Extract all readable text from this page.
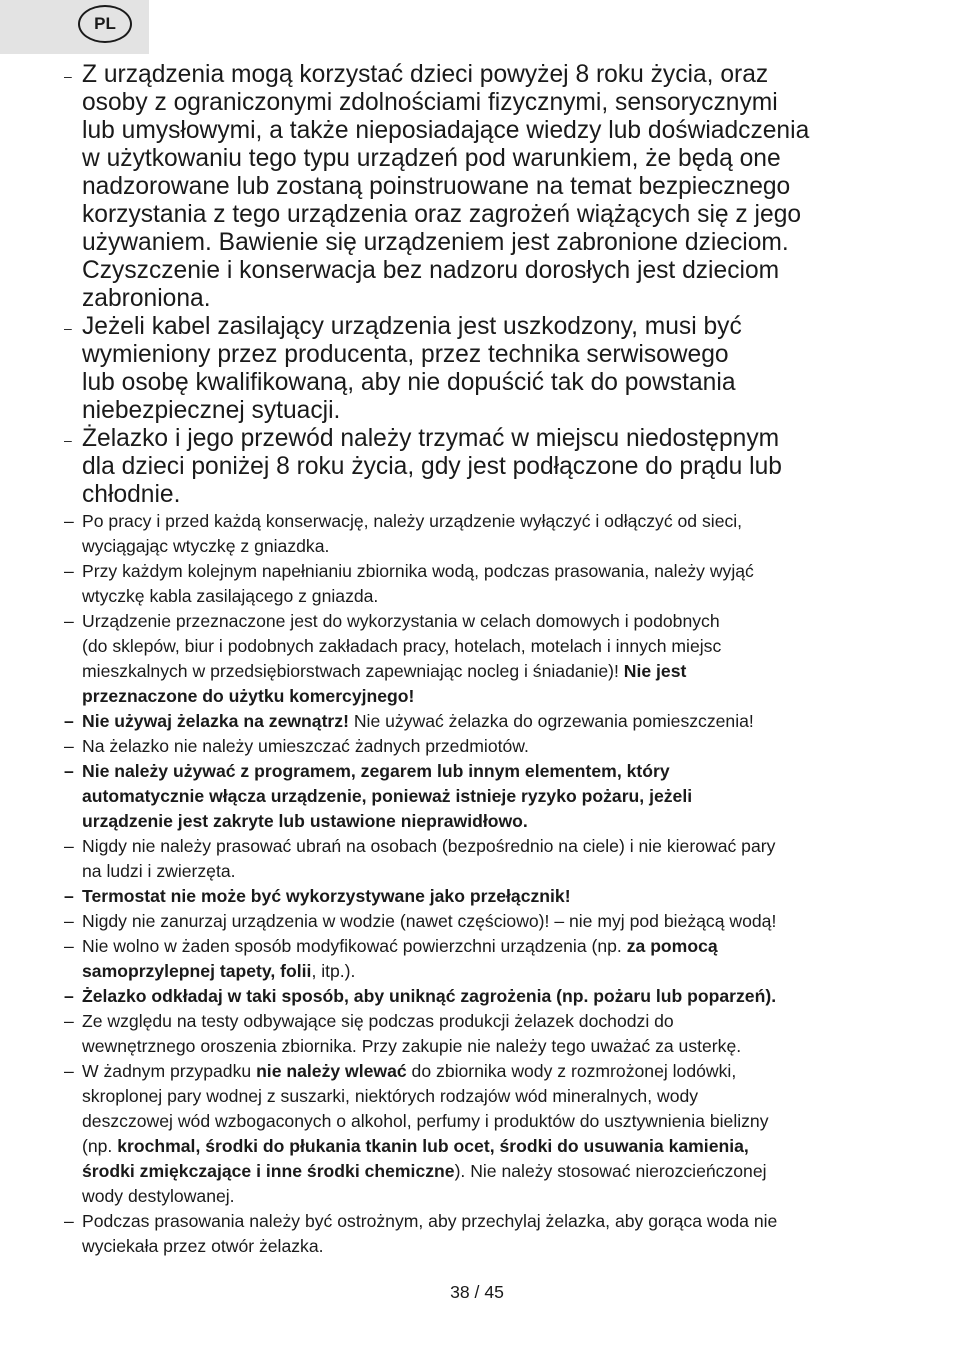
PL
– Z urządzenia mogą korzystać dzieci powyżej 8 roku życia, oraz
osoby z ograniczonymi zdolnościami fizycznymi, sensorycznymi
lub umysłowymi, a także nieposiadające wiedzy lub doświadczenia
w użytkowaniu tego typu urządzeń pod warunkiem, że będą one
nadzorowane lub zostaną poinstruowane na temat bezpiecznego
korzystania z tego urządzenia oraz zagrożeń wiążących się z jego
używaniem. Bawienie się urządzeniem jest zabronione dzieciom.
Czyszczenie i konserwacja bez nadzoru dorosłych jest dzieciom
zabroniona.
– Jeżeli kabel zasilający urządzenia jest uszkodzony, musi być
wymieniony przez producenta, przez technika serwisowego
lub osobę kwalifikowaną, aby nie dopuścić tak do powstania
niebezpiecznej sytuacji.
– Żelazko i jego przewód należy trzymać w miejscu niedostępnym
dla dzieci poniżej 8 roku życia, gdy jest podłączone do prądu lub
chłodnie.
– Po pracy i przed każdą konserwację, należy urządzenie wyłączyć i odłączyć od sieci,
wyciągając wtyczkę z gniazdka.
– Przy każdym kolejnym napełnianiu zbiornika wodą, podczas prasowania, należy wyjąć
wtyczkę kabla zasilającego z gniazda.
– Urządzenie przeznaczone jest do wykorzystania w celach domowych i podobnych
(do sklepów, biur i podobnych zakładach pracy, hotelach, motelach i innych miejsc
mieszkalnych w przedsiębiorstwach zapewniając nocleg i śniadanie)! Nie jest
przeznaczone do użytku komercyjnego!
– Nie używaj żelazka na zewnątrz! Nie używać żelazka do ogrzewania pomieszczenia!
– Na żelazko nie należy umieszczać żadnych przedmiotów.
– Nie należy używać z programem, zegarem lub innym elementem, który
automatycznie włącza urządzenie, ponieważ istnieje ryzyko pożaru, jeżeli
urządzenie jest zakryte lub ustawione nieprawidłowo.
– Nigdy nie należy prasować ubrań na osobach (bezpośrednio na ciele) i nie kierować pary
na ludzi i zwierzęta.
– Termostat nie może być wykorzystywane jako przełącznik!
– Nigdy nie zanurzaj urządzenia w wodzie (nawet częściowo)! – nie myj pod bieżącą wodą!
– Nie wolno w żaden sposób modyfikować powierzchni urządzenia (np. za pomocą
samoprzylepnej tapety, folii, itp.).
– Żelazko odkładaj w taki sposób, aby uniknąć zagrożenia (np. pożaru lub poparzeń).
– Ze względu na testy odbywające się podczas produkcji żelazek dochodzi do
wewnętrznego oroszenia zbiornika. Przy zakupie nie należy tego uważać za usterkę.
– W żadnym przypadku nie należy wlewać do zbiornika wody z rozmrożonej lodówki,
skroplonej pary wodnej z suszarki, niektórych rodzajów wód mineralnych, wody
deszczowej wód wzbogaconych o alkohol, perfumy i produktów do usztywnienia bielizny
(np. krochmal, środki do płukania tkanin lub ocet, środki do usuwania kamienia,
środki zmiękczające i inne środki chemiczne). Nie należy stosować nierozcieńczonej
wody destylowanej.
– Podczas prasowania należy być ostrożnym, aby przechylaj żelazka, aby gorąca woda nie
wyciekała przez otwór żelazka.
38 / 45
